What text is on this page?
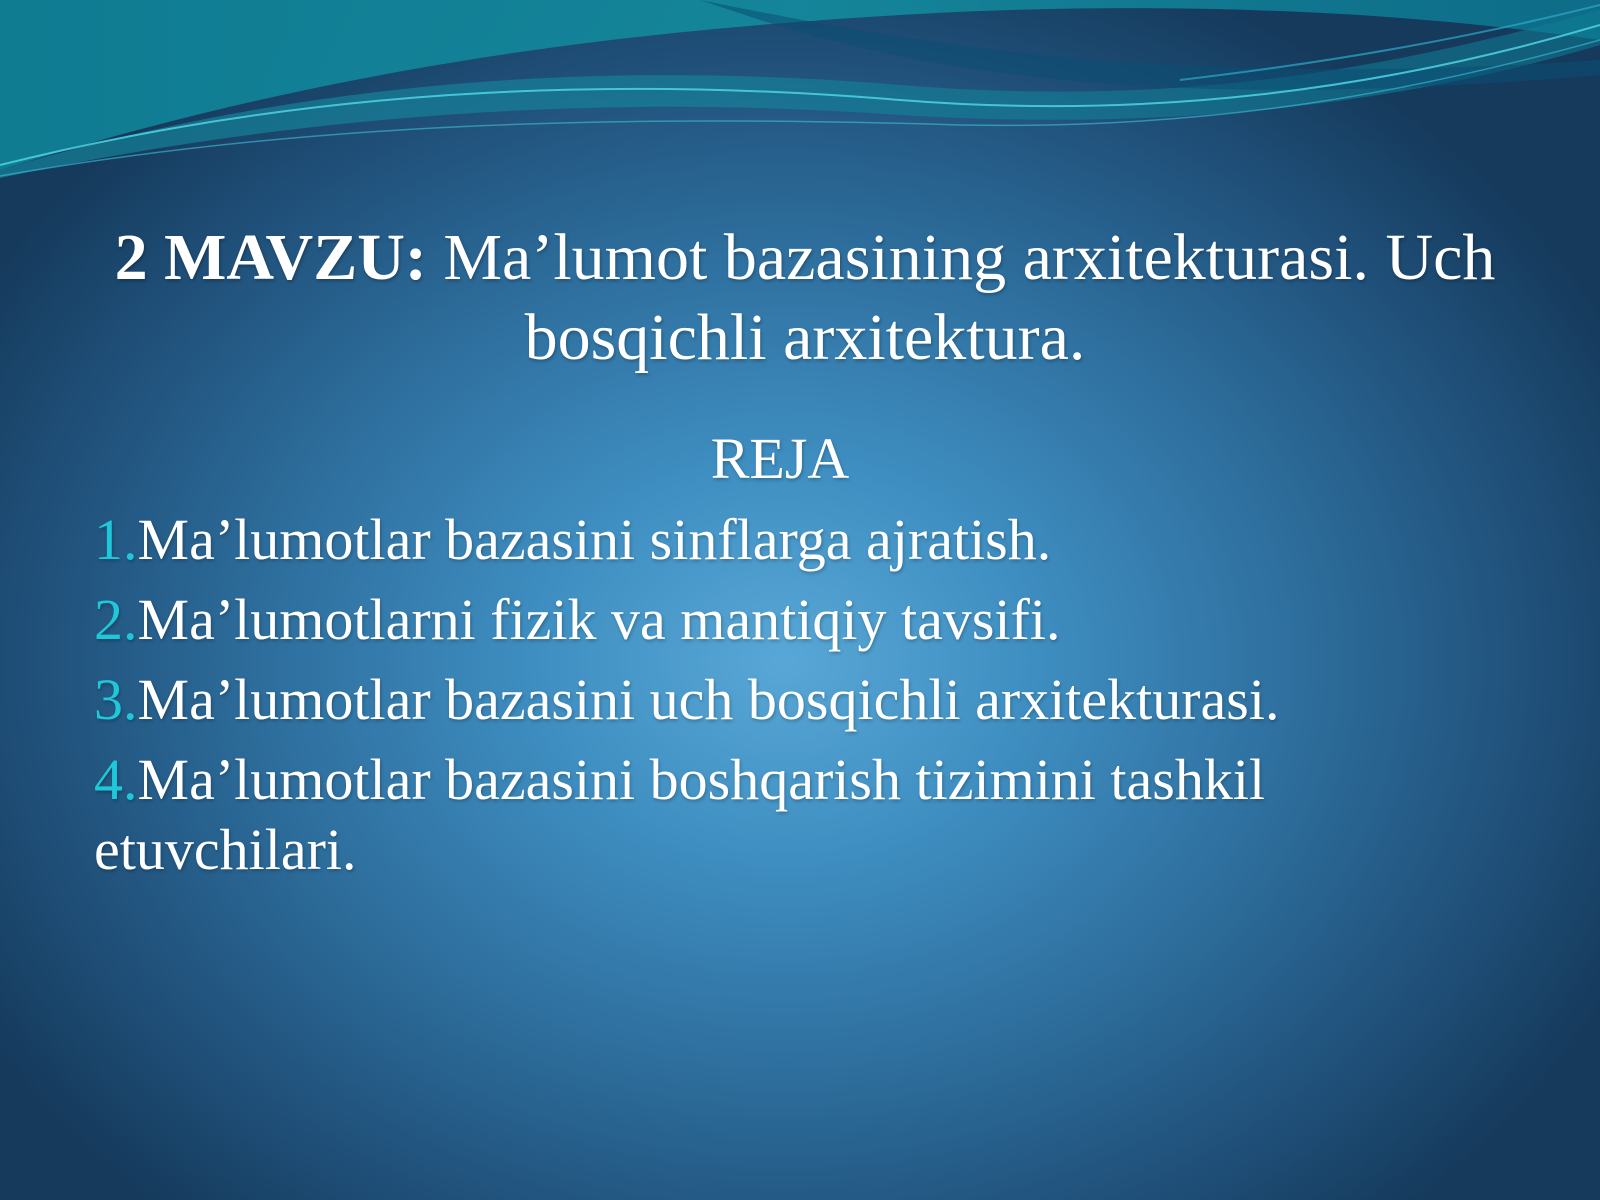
2 MAVZU: Ma’lumot bazasining arxitekturasi. Uch bosqichli arxitektura.
REJA
1.Ma’lumotlar bazasini sinflarga ajratish.
2.Ma’lumotlarni fizik va mantiqiy tavsifi.
3.Ma’lumotlar bazasini uch bosqichli arxitekturasi.
4.Ma’lumotlar bazasini boshqarish tizimini tashkil etuvchilari.
